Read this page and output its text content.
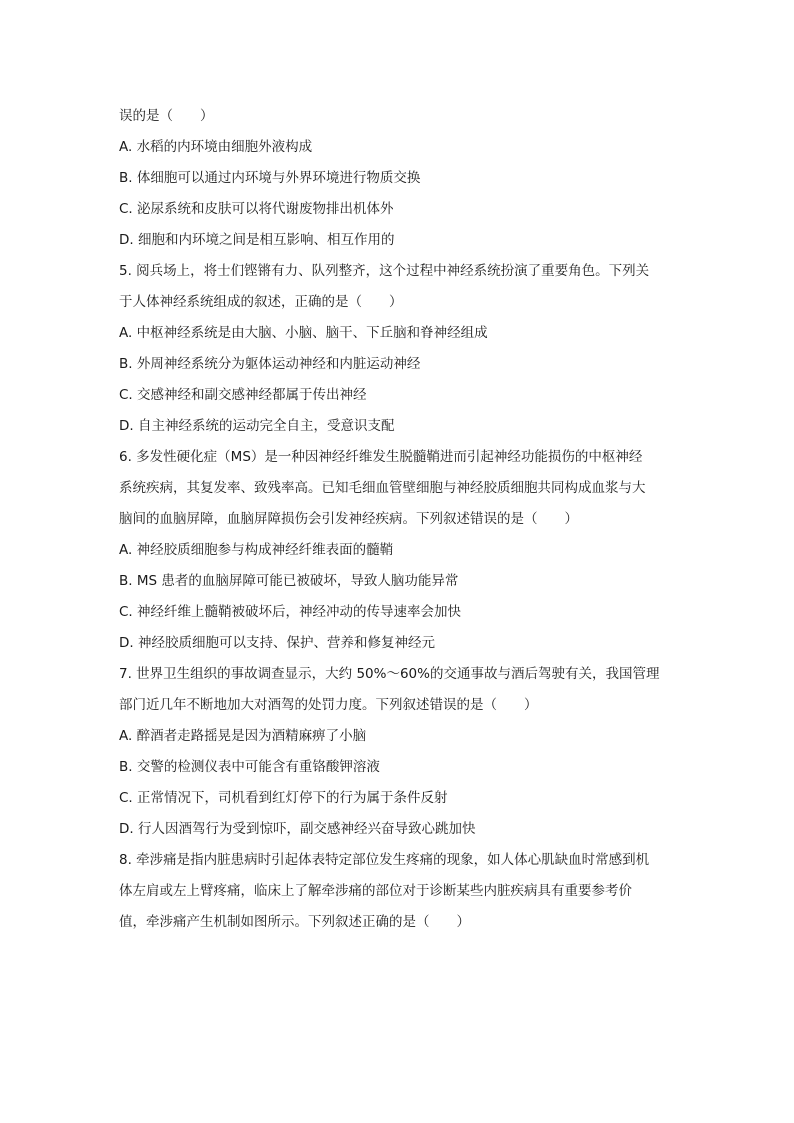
误的是（　　）
A. 水稻的内环境由细胞外液构成
B. 体细胞可以通过内环境与外界环境进行物质交换
C. 泌尿系统和皮肤可以将代谢废物排出机体外
D. 细胞和内环境之间是相互影响、相互作用的
5. 阅兵场上，将士们铿锵有力、队列整齐，这个过程中神经系统扮演了重要角色。下列关
于人体神经系统组成的叙述，正确的是（　　）
A. 中枢神经系统是由大脑、小脑、脑干、下丘脑和脊神经组成
B. 外周神经系统分为躯体运动神经和内脏运动神经
C. 交感神经和副交感神经都属于传出神经
D. 自主神经系统的运动完全自主，受意识支配
6. 多发性硬化症（MS）是一种因神经纤维发生脱髓鞘进而引起神经功能损伤的中枢神经
系统疾病，其复发率、致残率高。已知毛细血管壁细胞与神经胶质细胞共同构成血浆与大
脑间的血脑屏障，血脑屏障损伤会引发神经疾病。下列叙述错误的是（　　）
A. 神经胶质细胞参与构成神经纤维表面的髓鞘
B. MS 患者的血脑屏障可能已被破坏，导致人脑功能异常
C. 神经纤维上髓鞘被破坏后，神经冲动的传导速率会加快
D. 神经胶质细胞可以支持、保护、营养和修复神经元
7. 世界卫生组织的事故调查显示，大约 50%～60%的交通事故与酒后驾驶有关，我国管理
部门近几年不断地加大对酒驾的处罚力度。下列叙述错误的是（　　）
A. 醉酒者走路摇晃是因为酒精麻痹了小脑
B. 交警的检测仪表中可能含有重铬酸钾溶液
C. 正常情况下，司机看到红灯停下的行为属于条件反射
D. 行人因酒驾行为受到惊吓，副交感神经兴奋导致心跳加快
8. 牵涉痛是指内脏患病时引起体表特定部位发生疼痛的现象，如人体心肌缺血时常感到机
体左肩或左上臂疼痛，临床上了解牵涉痛的部位对于诊断某些内脏疾病具有重要参考价
值，牵涉痛产生机制如图所示。下列叙述正确的是（　　）
